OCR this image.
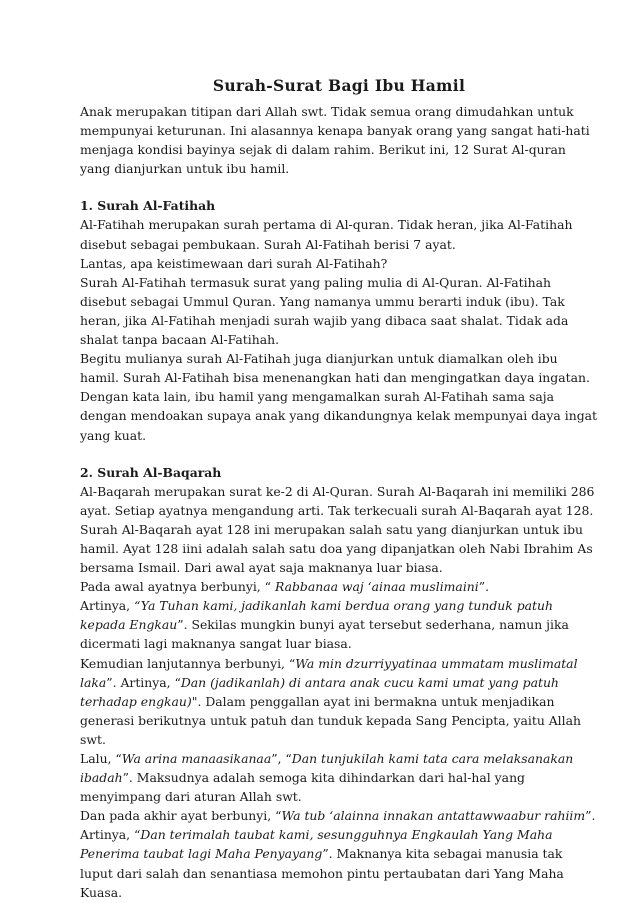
Surah-Surat Bagi Ibu Hamil

Anak merupakan titipan dari Allah swt. Tidak semua orang dimudahkan untuk mempunyai keturunan. Ini alasannya kenapa banyak orang yang sangat hati-hati menjaga kondisi bayinya sejak di dalam rahim. Berikut ini, 12 Surat Al-quran yang dianjurkan untuk ibu hamil.

1. Surah Al-Fatihah

Al-Fatihah merupakan surah pertama di Al-quran. Tidak heran, jika Al-Fatihah disebut sebagai pembukaan. Surah Al-Fatihah berisi 7 ayat.

Lantas, apa keistimewaan dari surah Al-Fatihah?

Surah Al-Fatihah termasuk surat yang paling mulia di Al-Quran. Al-Fatihah disebut sebagai Ummul Quran. Yang namanya ummu berarti induk (ibu). Tak heran, jika Al-Fatihah menjadi surah wajib yang dibaca saat shalat. Tidak ada shalat tanpa bacaan Al-Fatihah.

Begitu mulianya surah Al-Fatihah juga dianjurkan untuk diamalkan oleh ibu hamil. Surah Al-Fatihah bisa menenangkan hati dan mengingatkan daya ingatan. Dengan kata lain, ibu hamil yang mengamalkan surah Al-Fatihah sama saja dengan mendoakan supaya anak yang dikandungnya kelak mempunyai daya ingat yang kuat.

2. Surah Al-Baqarah

Al-Baqarah merupakan surat ke-2 di Al-Quran. Surah Al-Baqarah ini memiliki 286 ayat. Setiap ayatnya mengandung arti. Tak terkecuali surah Al-Baqarah ayat 128.

Surah Al-Baqarah ayat 128 ini merupakan salah satu yang dianjurkan untuk ibu hamil. Ayat 128 iini adalah salah satu doa yang dipanjatkan oleh Nabi Ibrahim As bersama Ismail. Dari awal ayat saja maknanya luar biasa.

Pada awal ayatnya berbunyi, “ Rabbanaa waj ‘ainaa muslimaini”.

Artinya, “Ya Tuhan kami, jadikanlah kami berdua orang yang tunduk patuh kepada Engkau”. Sekilas mungkin bunyi ayat tersebut sederhana, namun jika dicermati lagi maknanya sangat luar biasa.

Kemudian lanjutannya berbunyi, “Wa min dzurriyyatinaa ummatam muslimatal laka”. Artinya, “Dan (jadikanlah) di antara anak cucu kami umat yang patuh terhadap engkau)". Dalam penggallan ayat ini bermakna untuk menjadikan generasi berikutnya untuk patuh dan tunduk kepada Sang Pencipta, yaitu Allah swt.

Lalu, “Wa arina manaasikanaa”, “Dan tunjukilah kami tata cara melaksanakan ibadah”. Maksudnya adalah semoga kita dihindarkan dari hal-hal yang menyimpang dari aturan Allah swt.

Dan pada akhir ayat berbunyi, “Wa tub ‘alainna innakan antattawwaabur rahiim”. Artinya, “Dan terimalah taubat kami, sesungguhnya Engkaulah Yang Maha Penerima taubat lagi Maha Penyayang”. Maknanya kita sebagai manusia tak luput dari salah dan senantiasa memohon pintu pertaubatan dari Yang Maha Kuasa.
